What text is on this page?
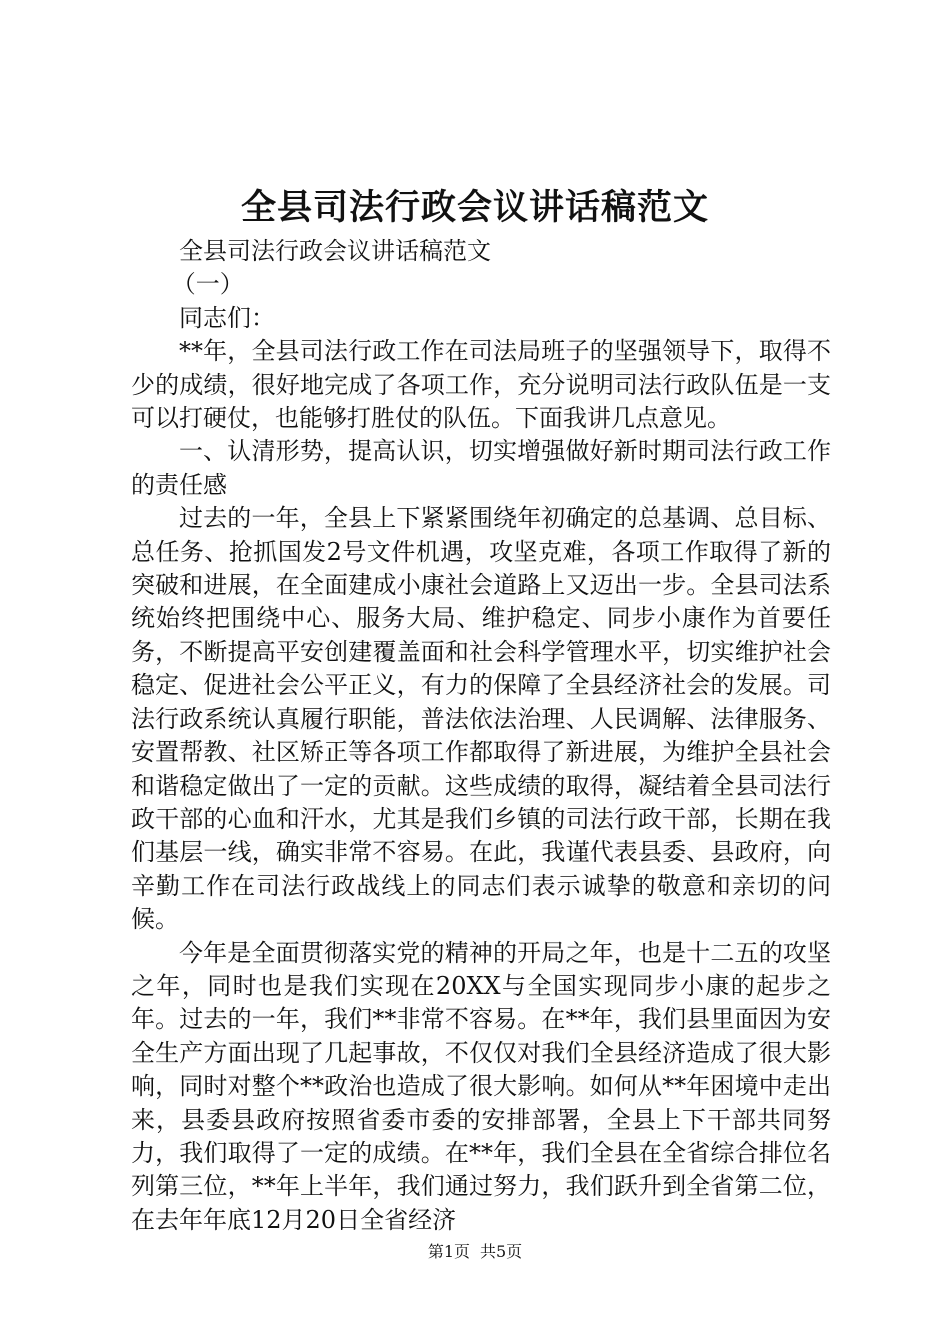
全县司法行政会议讲话稿范文

全县司法行政会议讲话稿范文

（一）

同志们：

**年，全县司法行政工作在司法局班子的坚强领导下，取得不少的成绩，很好地完成了各项工作，充分说明司法行政队伍是一支可以打硬仗，也能够打胜仗的队伍。下面我讲几点意见。

一、认清形势，提高认识，切实增强做好新时期司法行政工作的责任感

过去的一年，全县上下紧紧围绕年初确定的总基调、总目标、总任务、抢抓国发2号文件机遇，攻坚克难，各项工作取得了新的突破和进展，在全面建成小康社会道路上又迈出一步。全县司法系统始终把围绕中心、服务大局、维护稳定、同步小康作为首要任务，不断提高平安创建覆盖面和社会科学管理水平，切实维护社会稳定、促进社会公平正义，有力的保障了全县经济社会的发展。司法行政系统认真履行职能，普法依法治理、人民调解、法律服务、安置帮教、社区矫正等各项工作都取得了新进展，为维护全县社会和谐稳定做出了一定的贡献。这些成绩的取得，凝结着全县司法行政干部的心血和汗水，尤其是我们乡镇的司法行政干部，长期在我们基层一线，确实非常不容易。在此，我谨代表县委、县政府，向辛勤工作在司法行政战线上的同志们表示诚挚的敬意和亲切的问候。

今年是全面贯彻落实党的精神的开局之年，也是十二五的攻坚之年，同时也是我们实现在20XX与全国实现同步小康的起步之年。过去的一年，我们**非常不容易。在**年，我们县里面因为安全生产方面出现了几起事故，不仅仅对我们全县经济造成了很大影响，同时对整个**政治也造成了很大影响。如何从**年困境中走出来，县委县政府按照省委市委的安排部署，全县上下干部共同努力，我们取得了一定的成绩。在**年，我们全县在全省综合排位名列第三位，**年上半年，我们通过努力，我们跃升到全省第二位，在去年年底12月20日全省经济

第1页 共5页
